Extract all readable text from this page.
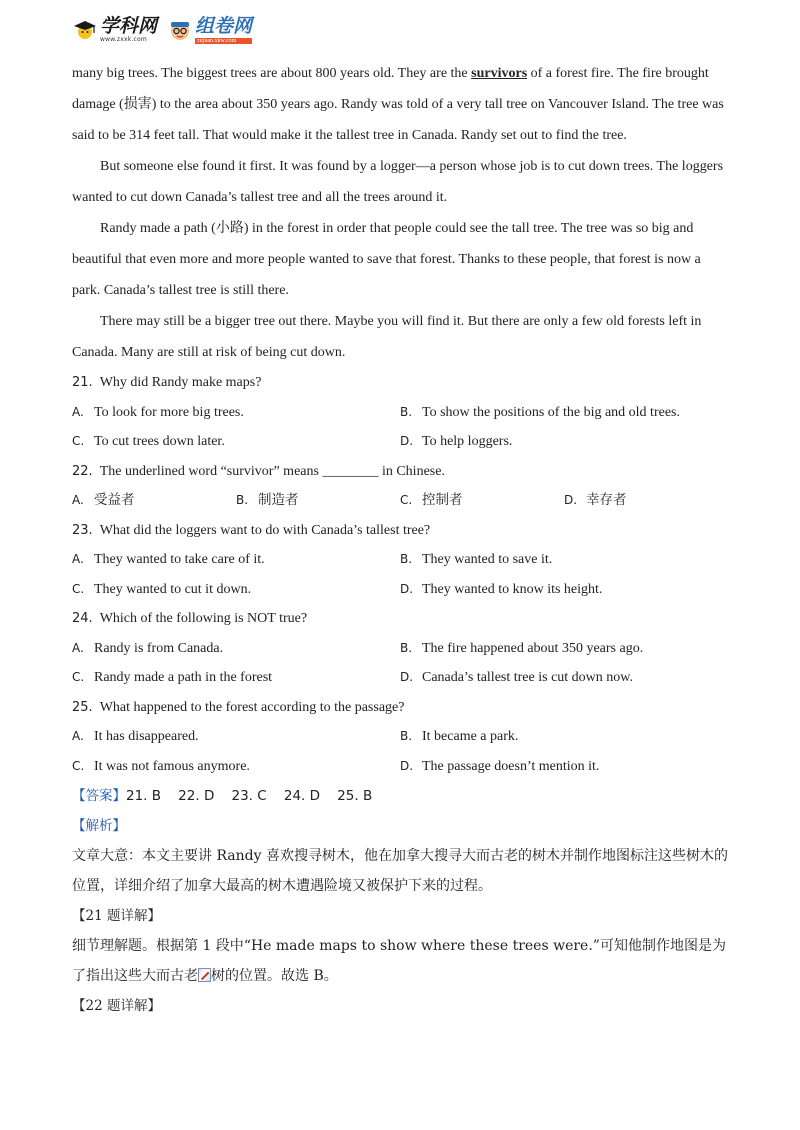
学科网
www.zxxk.com
组卷网
zujuan.xkw.com

many big trees. The biggest trees are about 800 years old. They are the survivors of a forest fire. The fire brought damage (损害) to the area about 350 years ago. Randy was told of a very tall tree on Vancouver Island. The tree was said to be 314 feet tall. That would make it the tallest tree in Canada. Randy set out to find the tree.

But someone else found it first. It was found by a logger—a person whose job is to cut down trees. The loggers wanted to cut down Canada’s tallest tree and all the trees around it.

Randy made a path (小路) in the forest in order that people could see the tall tree. The tree was so big and beautiful that even more and more people wanted to save that forest. Thanks to these people, that forest is now a park. Canada’s tallest tree is still there.

There may still be a bigger tree out there. Maybe you will find it. But there are only a few old forests left in Canada. Many are still at risk of being cut down.

21. Why did Randy make maps?

A. To look for more big trees.	B. To show the positions of the big and old trees.
C. To cut trees down later.	D. To help loggers.

22. The underlined word “survivor” means ________ in Chinese.

A. 受益者	B. 制造者	C. 控制者	D. 幸存者

23. What did the loggers want to do with Canada’s tallest tree?

A. They wanted to take care of it.	B. They wanted to save it.
C. They wanted to cut it down.	D. They wanted to know its height.

24. Which of the following is NOT true?

A. Randy is from Canada.	B. The fire happened about 350 years ago.
C. Randy made a path in the forest	D. Canada’s tallest tree is cut down now.

25. What happened to the forest according to the passage?

A. It has disappeared.	B. It became a park.
C. It was not famous anymore.	D. The passage doesn’t mention it.

【答案】21. B    22. D    23. C    24. D    25. B

【解析】

文章大意：本文主要讲 Randy 喜欢搜寻树木，他在加拿大搜寻大而古老的树木并制作地图标注这些树木的位置，详细介绍了加拿大最高的树木遭遇险境又被保护下来的过程。

【21 题详解】

细节理解题。根据第 1 段中“He made maps to show where these trees were.”可知他制作地图是为了指出这些大而古老 树的位置。故选 B。

【22 题详解】
